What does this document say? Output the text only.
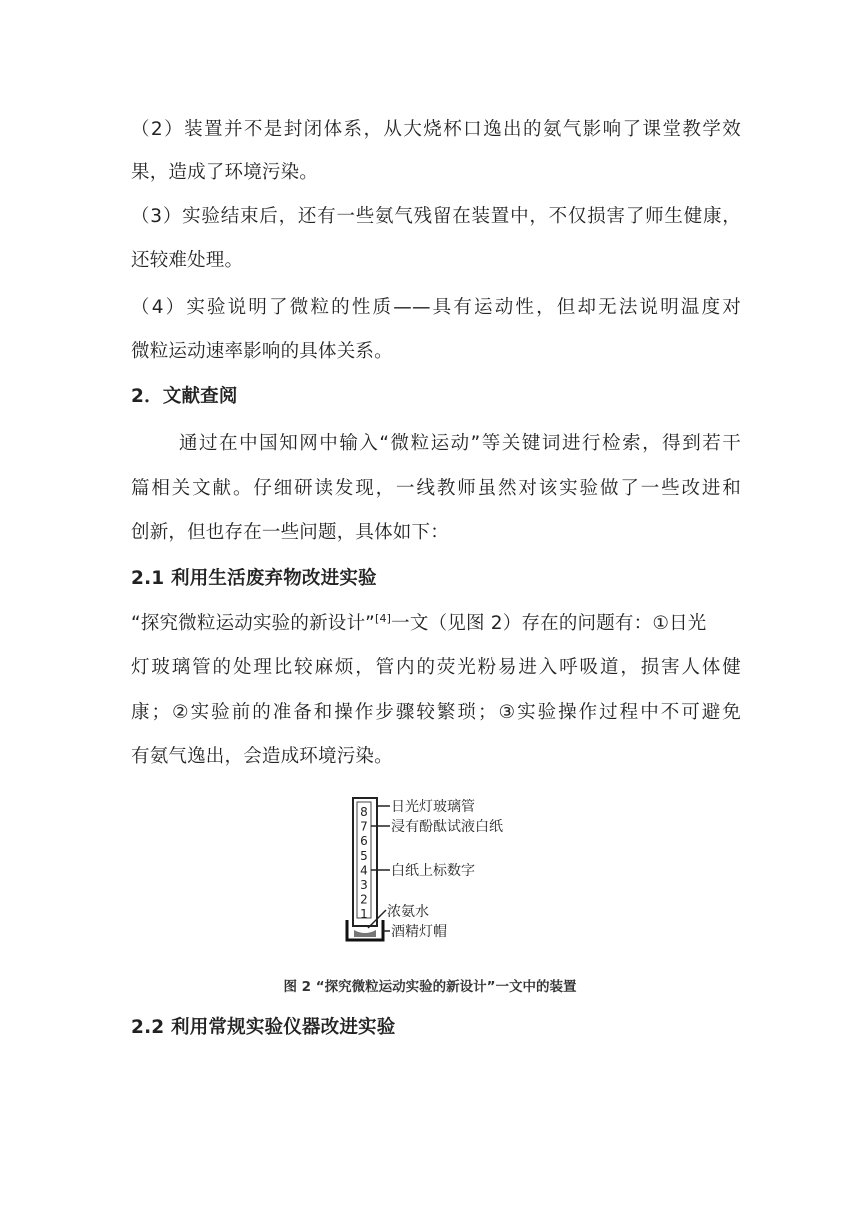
（2）装置并不是封闭体系，从大烧杯口逸出的氨气影响了课堂教学效
果，造成了环境污染。
（3）实验结束后，还有一些氨气残留在装置中，不仅损害了师生健康，
还较难处理。
（4）实验说明了微粒的性质——具有运动性，但却无法说明温度对
微粒运动速率影响的具体关系。
2．文献查阅
通过在中国知网中输入“微粒运动”等关键词进行检索，得到若干
篇相关文献。仔细研读发现，一线教师虽然对该实验做了一些改进和
创新，但也存在一些问题，具体如下：
2.1 利用生活废弃物改进实验
“探究微粒运动实验的新设计”[4]一文（见图 2）存在的问题有：①日光
灯玻璃管的处理比较麻烦，管内的荧光粉易进入呼吸道，损害人体健
康；②实验前的准备和操作步骤较繁琐；③实验操作过程中不可避免
有氨气逸出，会造成环境污染。
8
7
6
5
4
3
2
1
日光灯玻璃管
浸有酚酞试液白纸
白纸上标数字
浓氨水
酒精灯帽
图 2 “探究微粒运动实验的新设计”一文中的装置
2.2 利用常规实验仪器改进实验
